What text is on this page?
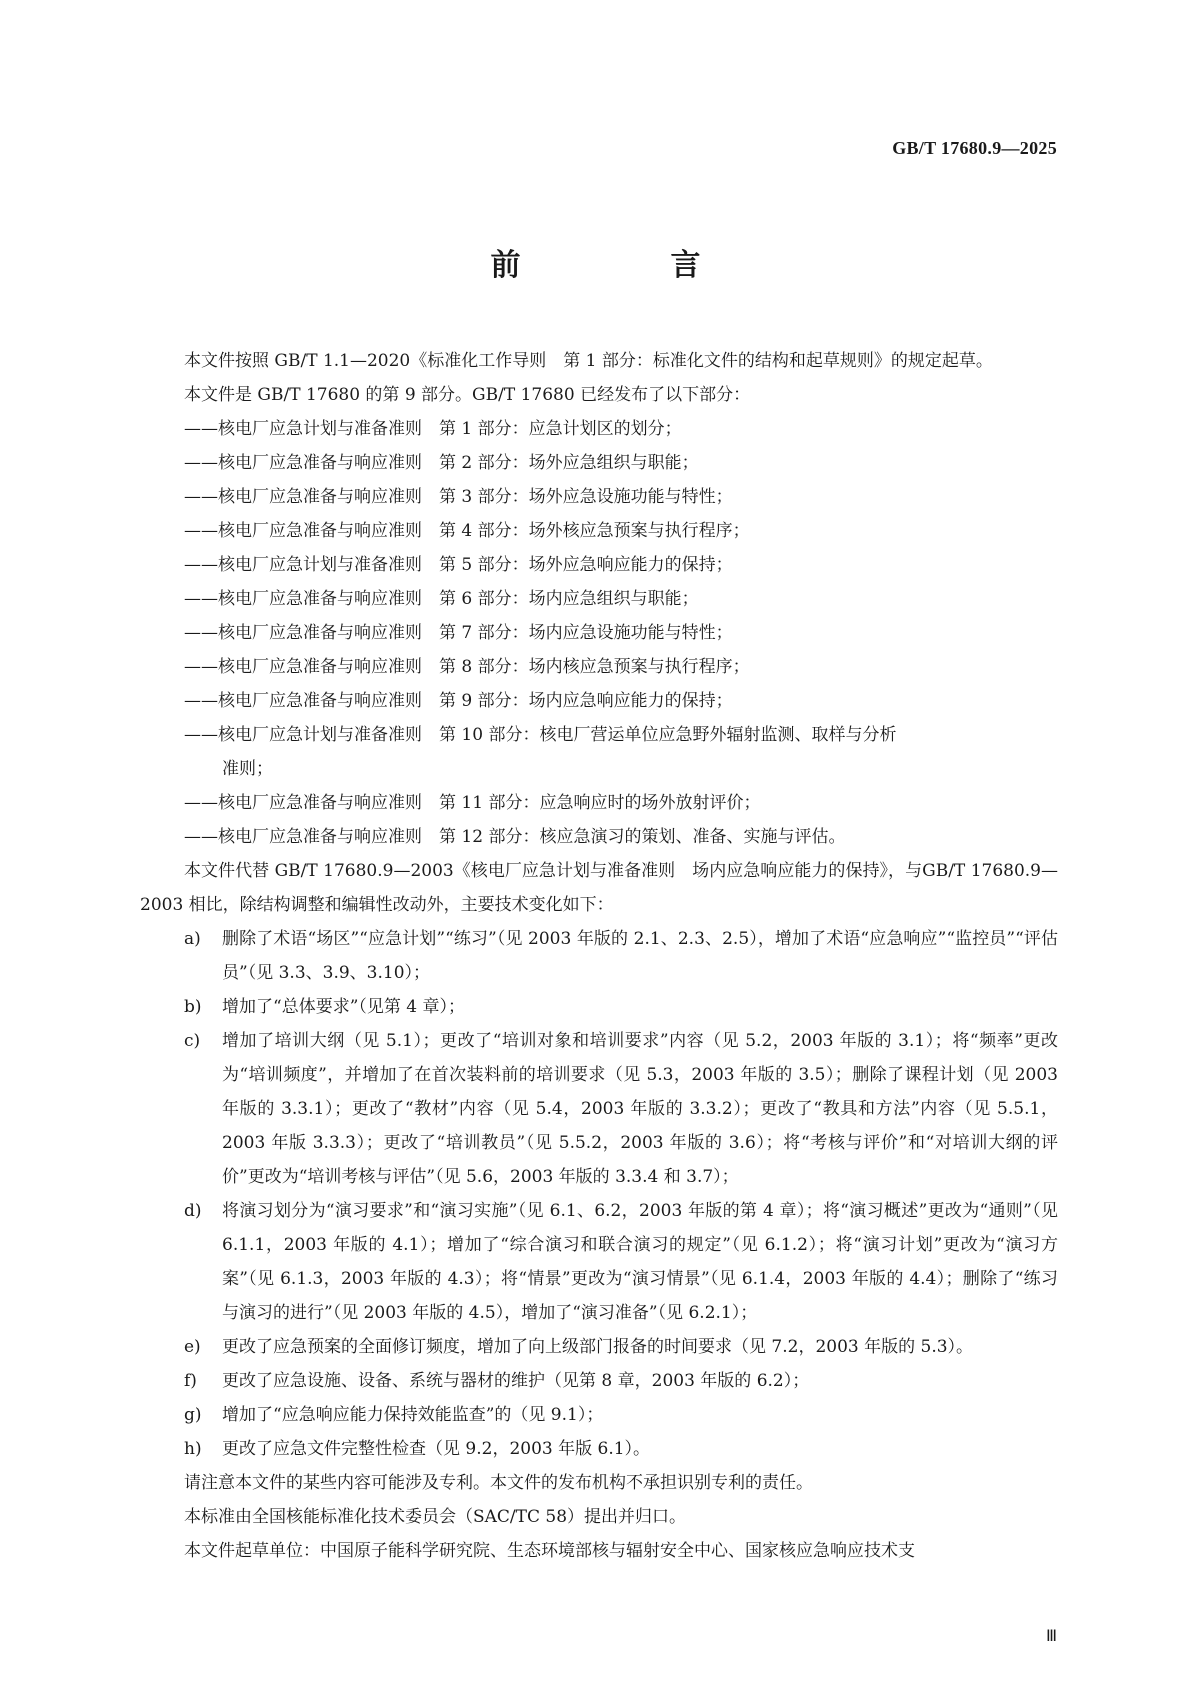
GB/T 17680.9—2025
前　言
本文件按照 GB/T 1.1—2020《标准化工作导则　第 1 部分：标准化文件的结构和起草规则》的规定起草。
本文件是 GB/T 17680 的第 9 部分。GB/T 17680 已经发布了以下部分：
——核电厂应急计划与准备准则　第 1 部分：应急计划区的划分；
——核电厂应急准备与响应准则　第 2 部分：场外应急组织与职能；
——核电厂应急准备与响应准则　第 3 部分：场外应急设施功能与特性；
——核电厂应急准备与响应准则　第 4 部分：场外核应急预案与执行程序；
——核电厂应急计划与准备准则　第 5 部分：场外应急响应能力的保持；
——核电厂应急准备与响应准则　第 6 部分：场内应急组织与职能；
——核电厂应急准备与响应准则　第 7 部分：场内应急设施功能与特性；
——核电厂应急准备与响应准则　第 8 部分：场内核应急预案与执行程序；
——核电厂应急准备与响应准则　第 9 部分：场内应急响应能力的保持；
——核电厂应急计划与准备准则　第 10 部分：核电厂营运单位应急野外辐射监测、取样与分析
准则；
——核电厂应急准备与响应准则　第 11 部分：应急响应时的场外放射评价；
——核电厂应急准备与响应准则　第 12 部分：核应急演习的策划、准备、实施与评估。
本文件代替 GB/T 17680.9—2003《核电厂应急计划与准备准则　场内应急响应能力的保持》，与GB/T 17680.9—2003 相比，除结构调整和编辑性改动外，主要技术变化如下：
a)	删除了术语“场区”“应急计划”“练习”（见 2003 年版的 2.1、2.3、2.5），增加了术语“应急响应”“监控员”“评估员”（见 3.3、3.9、3.10）；
b)	增加了“总体要求”（见第 4 章）；
c)	增加了培训大纲（见 5.1）；更改了“培训对象和培训要求”内容（见 5.2，2003 年版的 3.1）；将“频率”更改为“培训频度”，并增加了在首次装料前的培训要求（见 5.3，2003 年版的 3.5）；删除了课程计划（见 2003 年版的 3.3.1）；更改了“教材”内容（见 5.4，2003 年版的 3.3.2）；更改了“教具和方法”内容（见 5.5.1，2003 年版 3.3.3）；更改了“培训教员”（见 5.5.2，2003 年版的 3.6）；将“考核与评价”和“对培训大纲的评价”更改为“培训考核与评估”（见 5.6，2003 年版的 3.3.4 和 3.7）；
d)	将演习划分为“演习要求”和“演习实施”（见 6.1、6.2，2003 年版的第 4 章）；将“演习概述”更改为“通则”（见 6.1.1，2003 年版的 4.1）；增加了“综合演习和联合演习的规定”（见 6.1.2）；将“演习计划”更改为“演习方案”（见 6.1.3，2003 年版的 4.3）；将“情景”更改为“演习情景”（见 6.1.4，2003 年版的 4.4）；删除了“练习与演习的进行”（见 2003 年版的 4.5），增加了“演习准备”（见 6.2.1）；
e)	更改了应急预案的全面修订频度，增加了向上级部门报备的时间要求（见 7.2，2003 年版的 5.3）。
f)	更改了应急设施、设备、系统与器材的维护（见第 8 章，2003 年版的 6.2）；
g)	增加了“应急响应能力保持效能监查”的（见 9.1）；
h)	更改了应急文件完整性检查（见 9.2，2003 年版 6.1）。
请注意本文件的某些内容可能涉及专利。本文件的发布机构不承担识别专利的责任。
本标准由全国核能标准化技术委员会（SAC/TC 58）提出并归口。
本文件起草单位：中国原子能科学研究院、生态环境部核与辐射安全中心、国家核应急响应技术支
Ⅲ
